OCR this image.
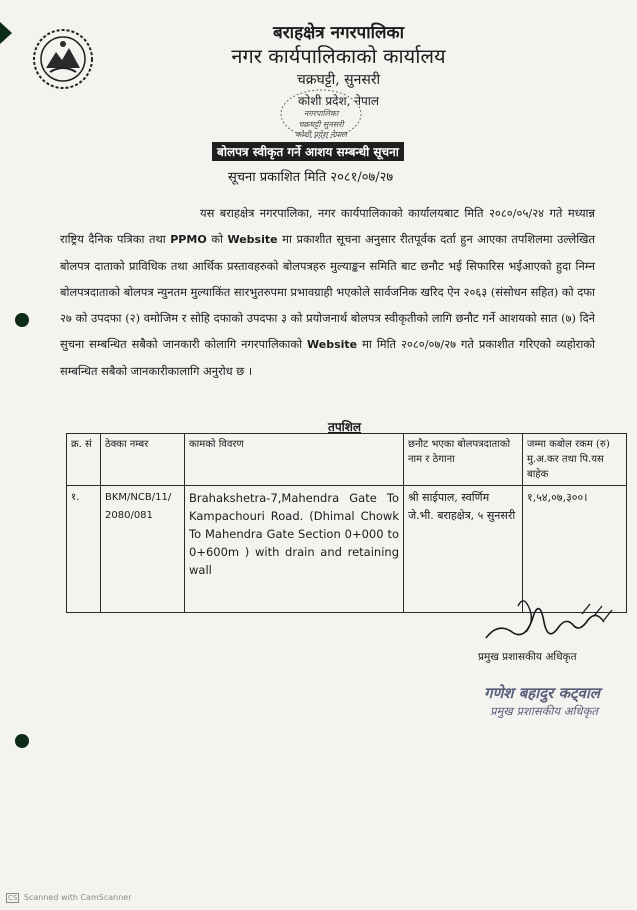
बराहक्षेत्र नगरपालिका
नगर कार्यपालिकाको कार्यालय
चक्रघट्टी, सुनसरी
कोशी प्रदेश, नेपाल
नगरपालिका
चक्रघट्टी सुनसरी
कोशी प्रदेश नेपाल
बोलपत्र स्वीकृत गर्ने आशय सम्बन्धी सूचना
सूचना प्रकाशित मिति २०८१/०७/२७
यस बराहक्षेत्र नगरपालिका, नगर कार्यपालिकाको कार्यालयबाट मिति २०८०/०५/२४ गते मध्यान्न राष्ट्रिय दैनिक पत्रिका तथा PPMO को Website मा प्रकाशीत सूचना अनुसार रीतपूर्वक दर्ता हुन आएका तपशिलमा उल्लेखित बोलपत्र दाताको प्राविधिक तथा आर्थिक प्रस्तावहरुको बोलपत्रहरु मुल्याङ्कन समिति बाट छनौट भई सिफारिस भईआएको हुदा निम्न बोलपत्रदाताको बोलपत्र न्युनतम मुल्याकिंत सारभुतरुपमा प्रभावग्राही भएकोले सार्वजनिक खरिद ऐन २०६३ (संसोधन सहित) को दफा २७ को उपदफा (२) वमोजिम र सोहि दफाको उपदफा ३ को प्रयोजनार्थ बोलपत्र स्वीकृतीको लागि छनौट गर्ने आशयको सात (७) दिने सुचना सम्बन्धित सबैको जानकारी कोलागि नगरपालिकाको Website मा मिति २०८०/०७/२७ गते प्रकाशीत गरिएको व्यहोराको सम्बन्धित सबैको जानकारीकालागि अनुरोध छ ।
तपशिल
क्र. सं	ठेक्का नम्बर	कामको विवरण	छनौट भएका बोलपत्रदाताको नाम र ठेगाना	जम्मा कबोल रकम (रु) मु.अ.कर तथा पि.यस बाहेक
१.	BKM/NCB/11/ 2080/081	Brahakshetra-7,Mahendra Gate To Kampachouri Road. (Dhimal Chowk To Mahendra Gate Section 0+000 to 0+600m ) with drain and retaining wall	श्री साईपाल, स्वर्णिम जे.भी. बराहक्षेत्र, ५ सुनसरी	१,५४,०७,३००।
प्रमुख प्रशासकीय अधिकृत
गणेश बहादुर कट्वाल
प्रमुख प्रशासकीय अधिकृत
CS Scanned with CamScanner
